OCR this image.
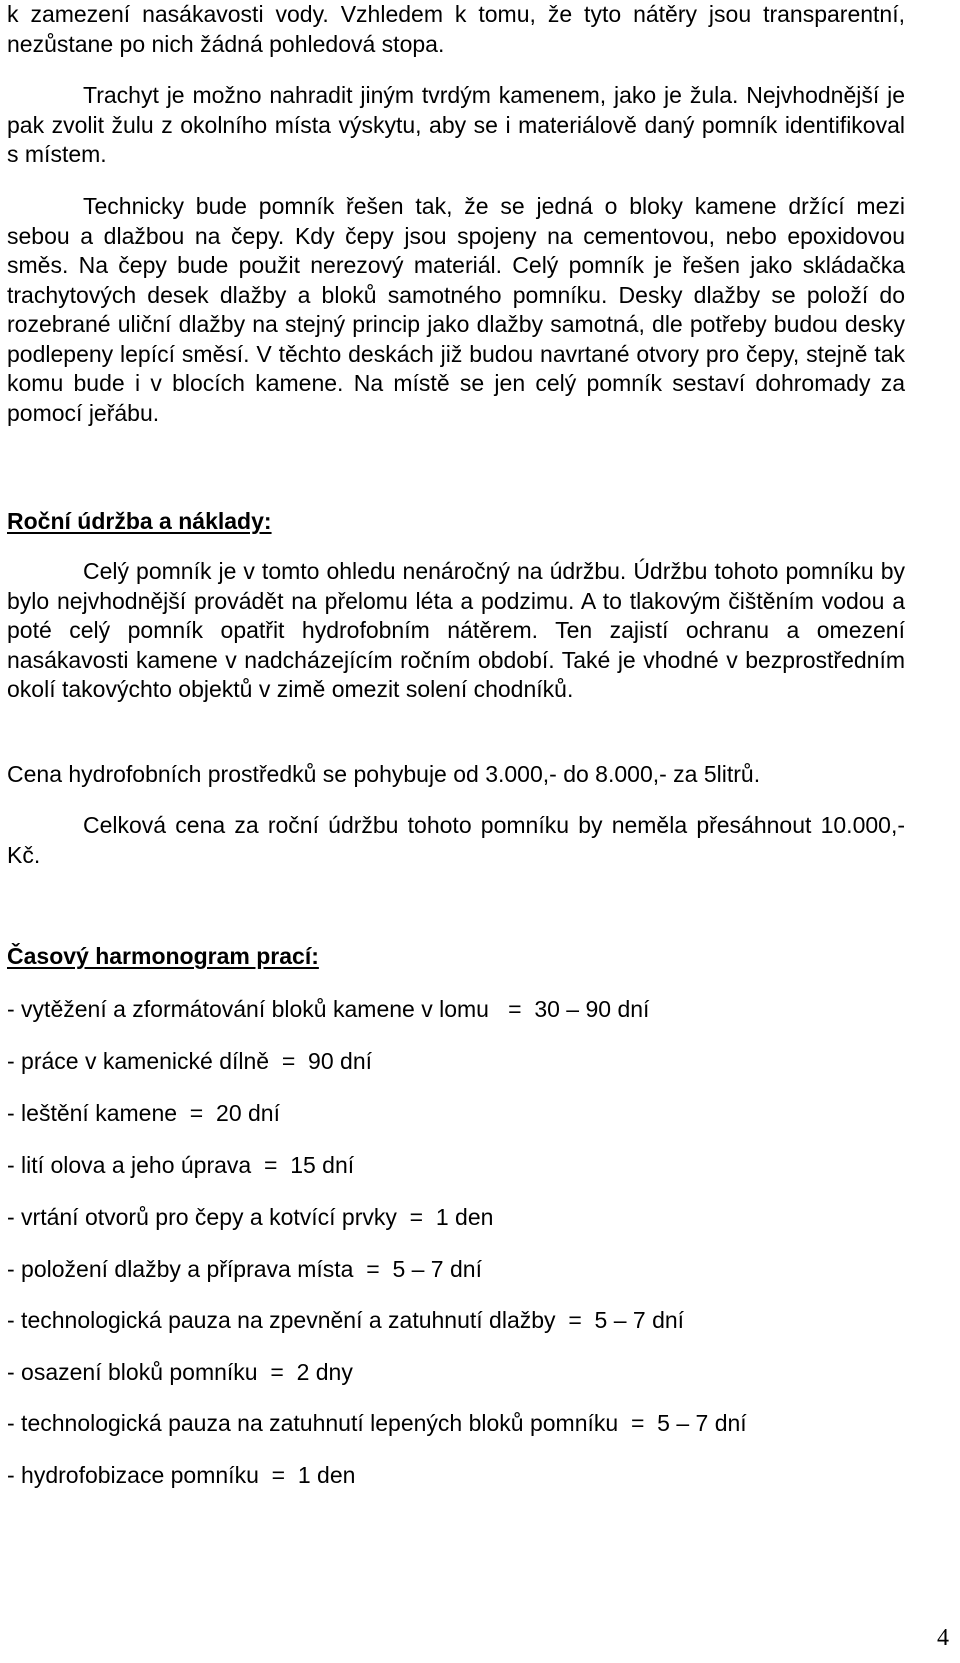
k zamezení nasákavosti vody. Vzhledem k tomu, že tyto nátěry jsou transparentní, nezůstane po nich žádná pohledová stopa.

Trachyt je možno nahradit jiným tvrdým kamenem, jako je žula. Nejvhodnější je pak zvolit žulu z okolního místa výskytu, aby se i materiálově daný pomník identifikoval s místem.

Technicky bude pomník řešen tak, že se jedná o bloky kamene držící mezi sebou a dlažbou na čepy. Kdy čepy jsou spojeny na cementovou, nebo epoxidovou směs. Na čepy bude použit nerezový materiál. Celý pomník je řešen jako skládačka trachytových desek dlažby a bloků samotného pomníku. Desky dlažby se položí do rozebrané uliční dlažby na stejný princip jako dlažby samotná, dle potřeby budou desky podlepeny lepící směsí. V těchto deskách již budou navrtané otvory pro čepy, stejně tak komu bude i v blocích kamene. Na místě se jen celý pomník sestaví dohromady za pomocí jeřábu.

Roční údržba a náklady:

Celý pomník je v tomto ohledu nenáročný na údržbu. Údržbu tohoto pomníku by bylo nejvhodnější provádět na přelomu léta a podzimu. A to tlakovým čištěním vodou a poté celý pomník opatřit hydrofobním nátěrem. Ten zajistí ochranu a omezení nasákavosti kamene v nadcházejícím ročním období. Také je vhodné v bezprostředním okolí takovýchto objektů v zimě omezit solení chodníků.

Cena hydrofobních prostředků se pohybuje od 3.000,- do 8.000,- za 5litrů.

Celková cena za roční údržbu tohoto pomníku by neměla přesáhnout 10.000,- Kč.

Časový harmonogram prací:

- vytěžení a zformátování bloků kamene v lomu   =  30 – 90 dní

- práce v kamenické dílně  =  90 dní

- leštění kamene  =  20 dní

- lití olova a jeho úprava  =  15 dní

- vrtání otvorů pro čepy a kotvící prvky  =  1 den

- položení dlažby a příprava místa  =  5 – 7 dní

- technologická pauza na zpevnění a zatuhnutí dlažby  =  5 – 7 dní

- osazení bloků pomníku  =  2 dny

- technologická pauza na zatuhnutí lepených bloků pomníku  =  5 – 7 dní

- hydrofobizace pomníku  =  1 den

4
